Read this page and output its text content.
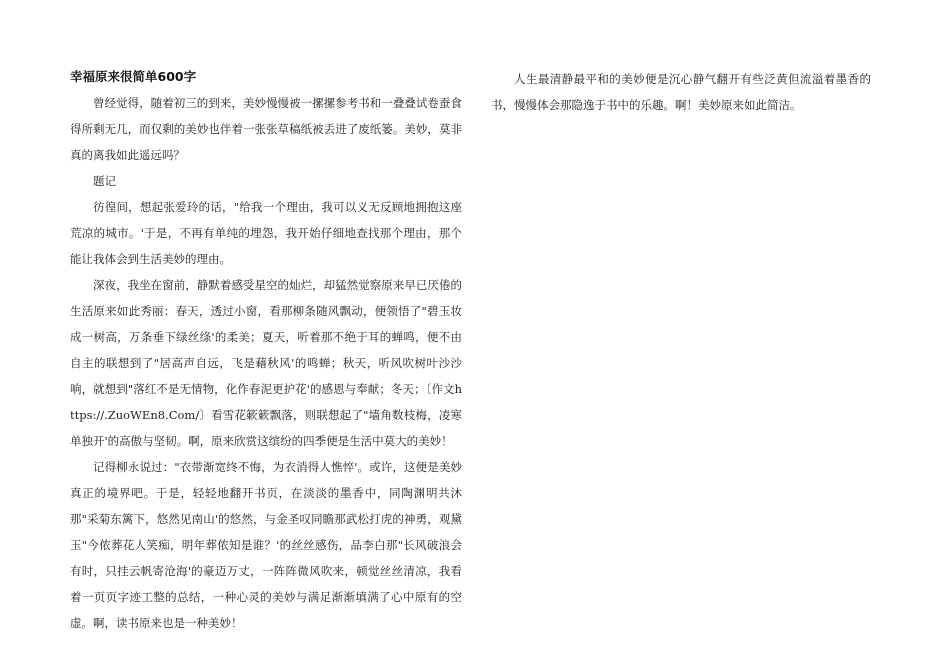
幸福原来很简单600字

曾经觉得，随着初三的到来，美妙慢慢被一摞摞参考书和一叠叠试卷蚕食得所剩无几，而仅剩的美妙也伴着一张张草稿纸被丢进了废纸篓。美妙，莫非真的离我如此遥远吗？

题记

彷徨间，想起张爱玲的话，"给我一个理由，我可以义无反顾地拥抱这座荒凉的城市。'于是，不再有单纯的埋怨，我开始仔细地查找那个理由，那个能让我体会到生活美妙的理由。

深夜，我坐在窗前，静默着感受星空的灿烂，却猛然觉察原来早已厌倦的生活原来如此秀丽：春天，透过小窗，看那柳条随风飘动，便领悟了"碧玉妆成一树高，万条垂下绿丝绦'的柔美；夏天，听着那不绝于耳的蝉鸣，便不由自主的联想到了"居高声自远，飞是藉秋风'的鸣蝉；秋天，听风吹树叶沙沙响，就想到"落红不是无情物，化作春泥更护花'的感恩与奉献；冬天；〔作文https://.ZuoWEn8.Com/〕看雪花簌簌飘落，则联想起了"墙角数枝梅，凌寒单独开'的高傲与坚韧。啊，原来欣赏这缤纷的四季便是生活中莫大的美妙！

记得柳永说过："衣带渐宽终不悔，为衣消得人憔悴'。或许，这便是美妙真正的境界吧。于是，轻轻地翻开书页，在淡淡的墨香中，同陶渊明共沐那"采菊东篱下，悠然见南山'的悠然，与金圣叹同瞻那武松打虎的神勇，观黛玉"今侬葬花人笑痴，明年葬侬知是谁？'的丝丝感伤，品李白那"长风破浪会有时，只挂云帆寄沧海'的豪迈万丈，一阵阵微风吹来，顿觉丝丝清凉，我看着一页页字迹工整的总结，一种心灵的美妙与满足渐渐填满了心中原有的空虚。啊，读书原来也是一种美妙！

人生最清静最平和的美妙便是沉心静气翻开有些泛黄但流溢着墨香的书，慢慢体会那隐逸于书中的乐趣。啊！美妙原来如此简洁。
